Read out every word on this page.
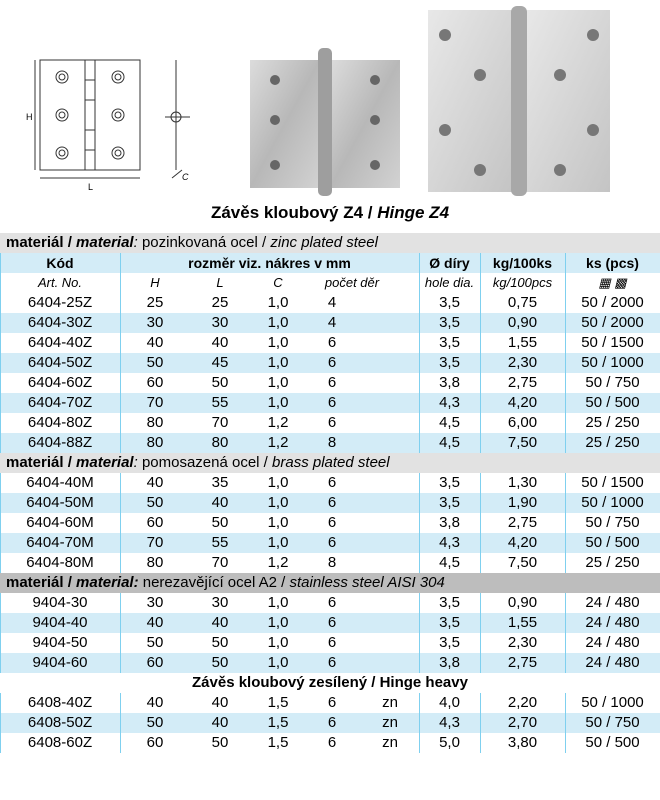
H
L
C
Závěs kloubový Z4 / Hinge Z4
materiál / material: pozinkovaná ocel / zinc plated steel
Kód	rozměr viz. nákres v mm	Ø díry	kg/100ks	ks (pcs)
Art. No.	H	L	C	počet děr	hole dia.	kg/100pcs	▦ ▩
6404-25Z	25	25	1,0	4	3,5	0,75	50 / 2000
6404-30Z	30	30	1,0	4	3,5	0,90	50 / 2000
6404-40Z	40	40	1,0	6	3,5	1,55	50 / 1500
6404-50Z	50	45	1,0	6	3,5	2,30	50 / 1000
6404-60Z	60	50	1,0	6	3,8	2,75	50 / 750
6404-70Z	70	55	1,0	6	4,3	4,20	50 / 500
6404-80Z	80	70	1,2	6	4,5	6,00	25 / 250
6404-88Z	80	80	1,2	8	4,5	7,50	25 / 250
materiál / material: pomosazená ocel / brass plated steel
6404-40M	40	35	1,0	6	3,5	1,30	50 / 1500
6404-50M	50	40	1,0	6	3,5	1,90	50 / 1000
6404-60M	60	50	1,0	6	3,8	2,75	50 / 750
6404-70M	70	55	1,0	6	4,3	4,20	50 / 500
6404-80M	80	70	1,2	8	4,5	7,50	25 / 250
materiál / material: nerezavějící ocel A2 / stainless steel AISI 304
9404-30	30	30	1,0	6	3,5	0,90	24 / 480
9404-40	40	40	1,0	6	3,5	1,55	24 / 480
9404-50	50	50	1,0	6	3,5	2,30	24 / 480
9404-60	60	50	1,0	6	3,8	2,75	24 / 480
Závěs kloubový zesílený / Hinge heavy
6408-40Z	40	40	1,5	6	zn	4,0	2,20	50 / 1000
6408-50Z	50	40	1,5	6	zn	4,3	2,70	50 / 750
6408-60Z	60	50	1,5	6	zn	5,0	3,80	50 / 500
